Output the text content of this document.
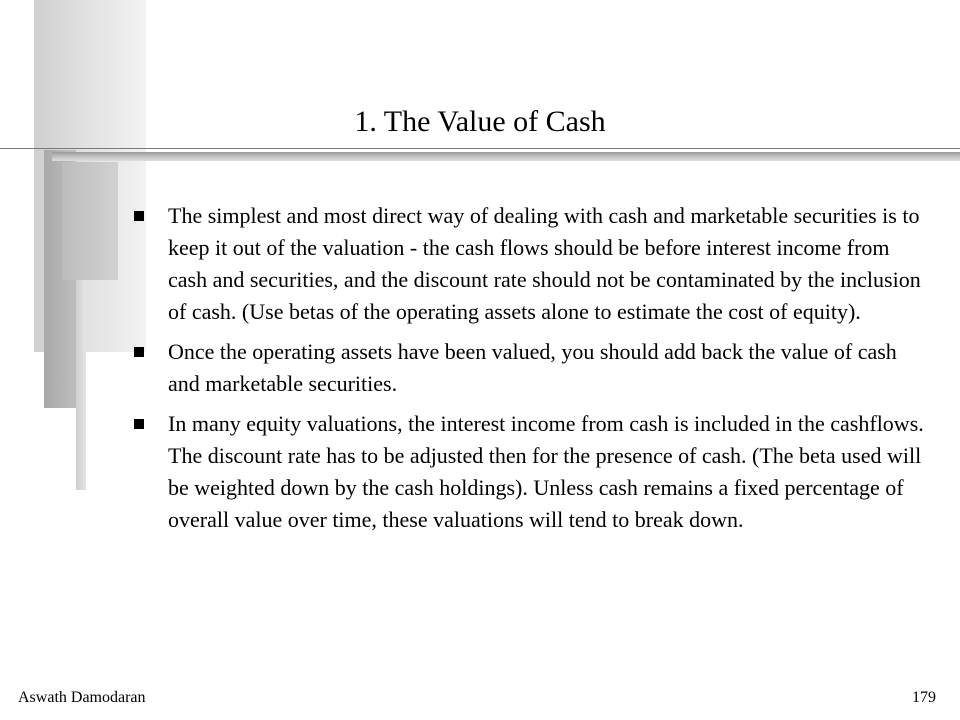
1. The Value of Cash
The simplest and most direct way of dealing with cash and marketable securities is to keep it out of the valuation - the cash flows should be before interest income from cash and securities, and the discount rate should not be contaminated by the inclusion of cash. (Use betas of the operating assets alone to estimate the cost of equity).
Once the operating assets have been valued, you should add back the value of cash and marketable securities.
In many equity valuations, the interest income from cash is included in the cashflows. The discount rate has to be adjusted then for the presence of cash. (The beta used will be weighted down by the cash holdings). Unless cash remains a fixed percentage of overall value over time, these valuations will tend to break down.
Aswath Damodaran	179
